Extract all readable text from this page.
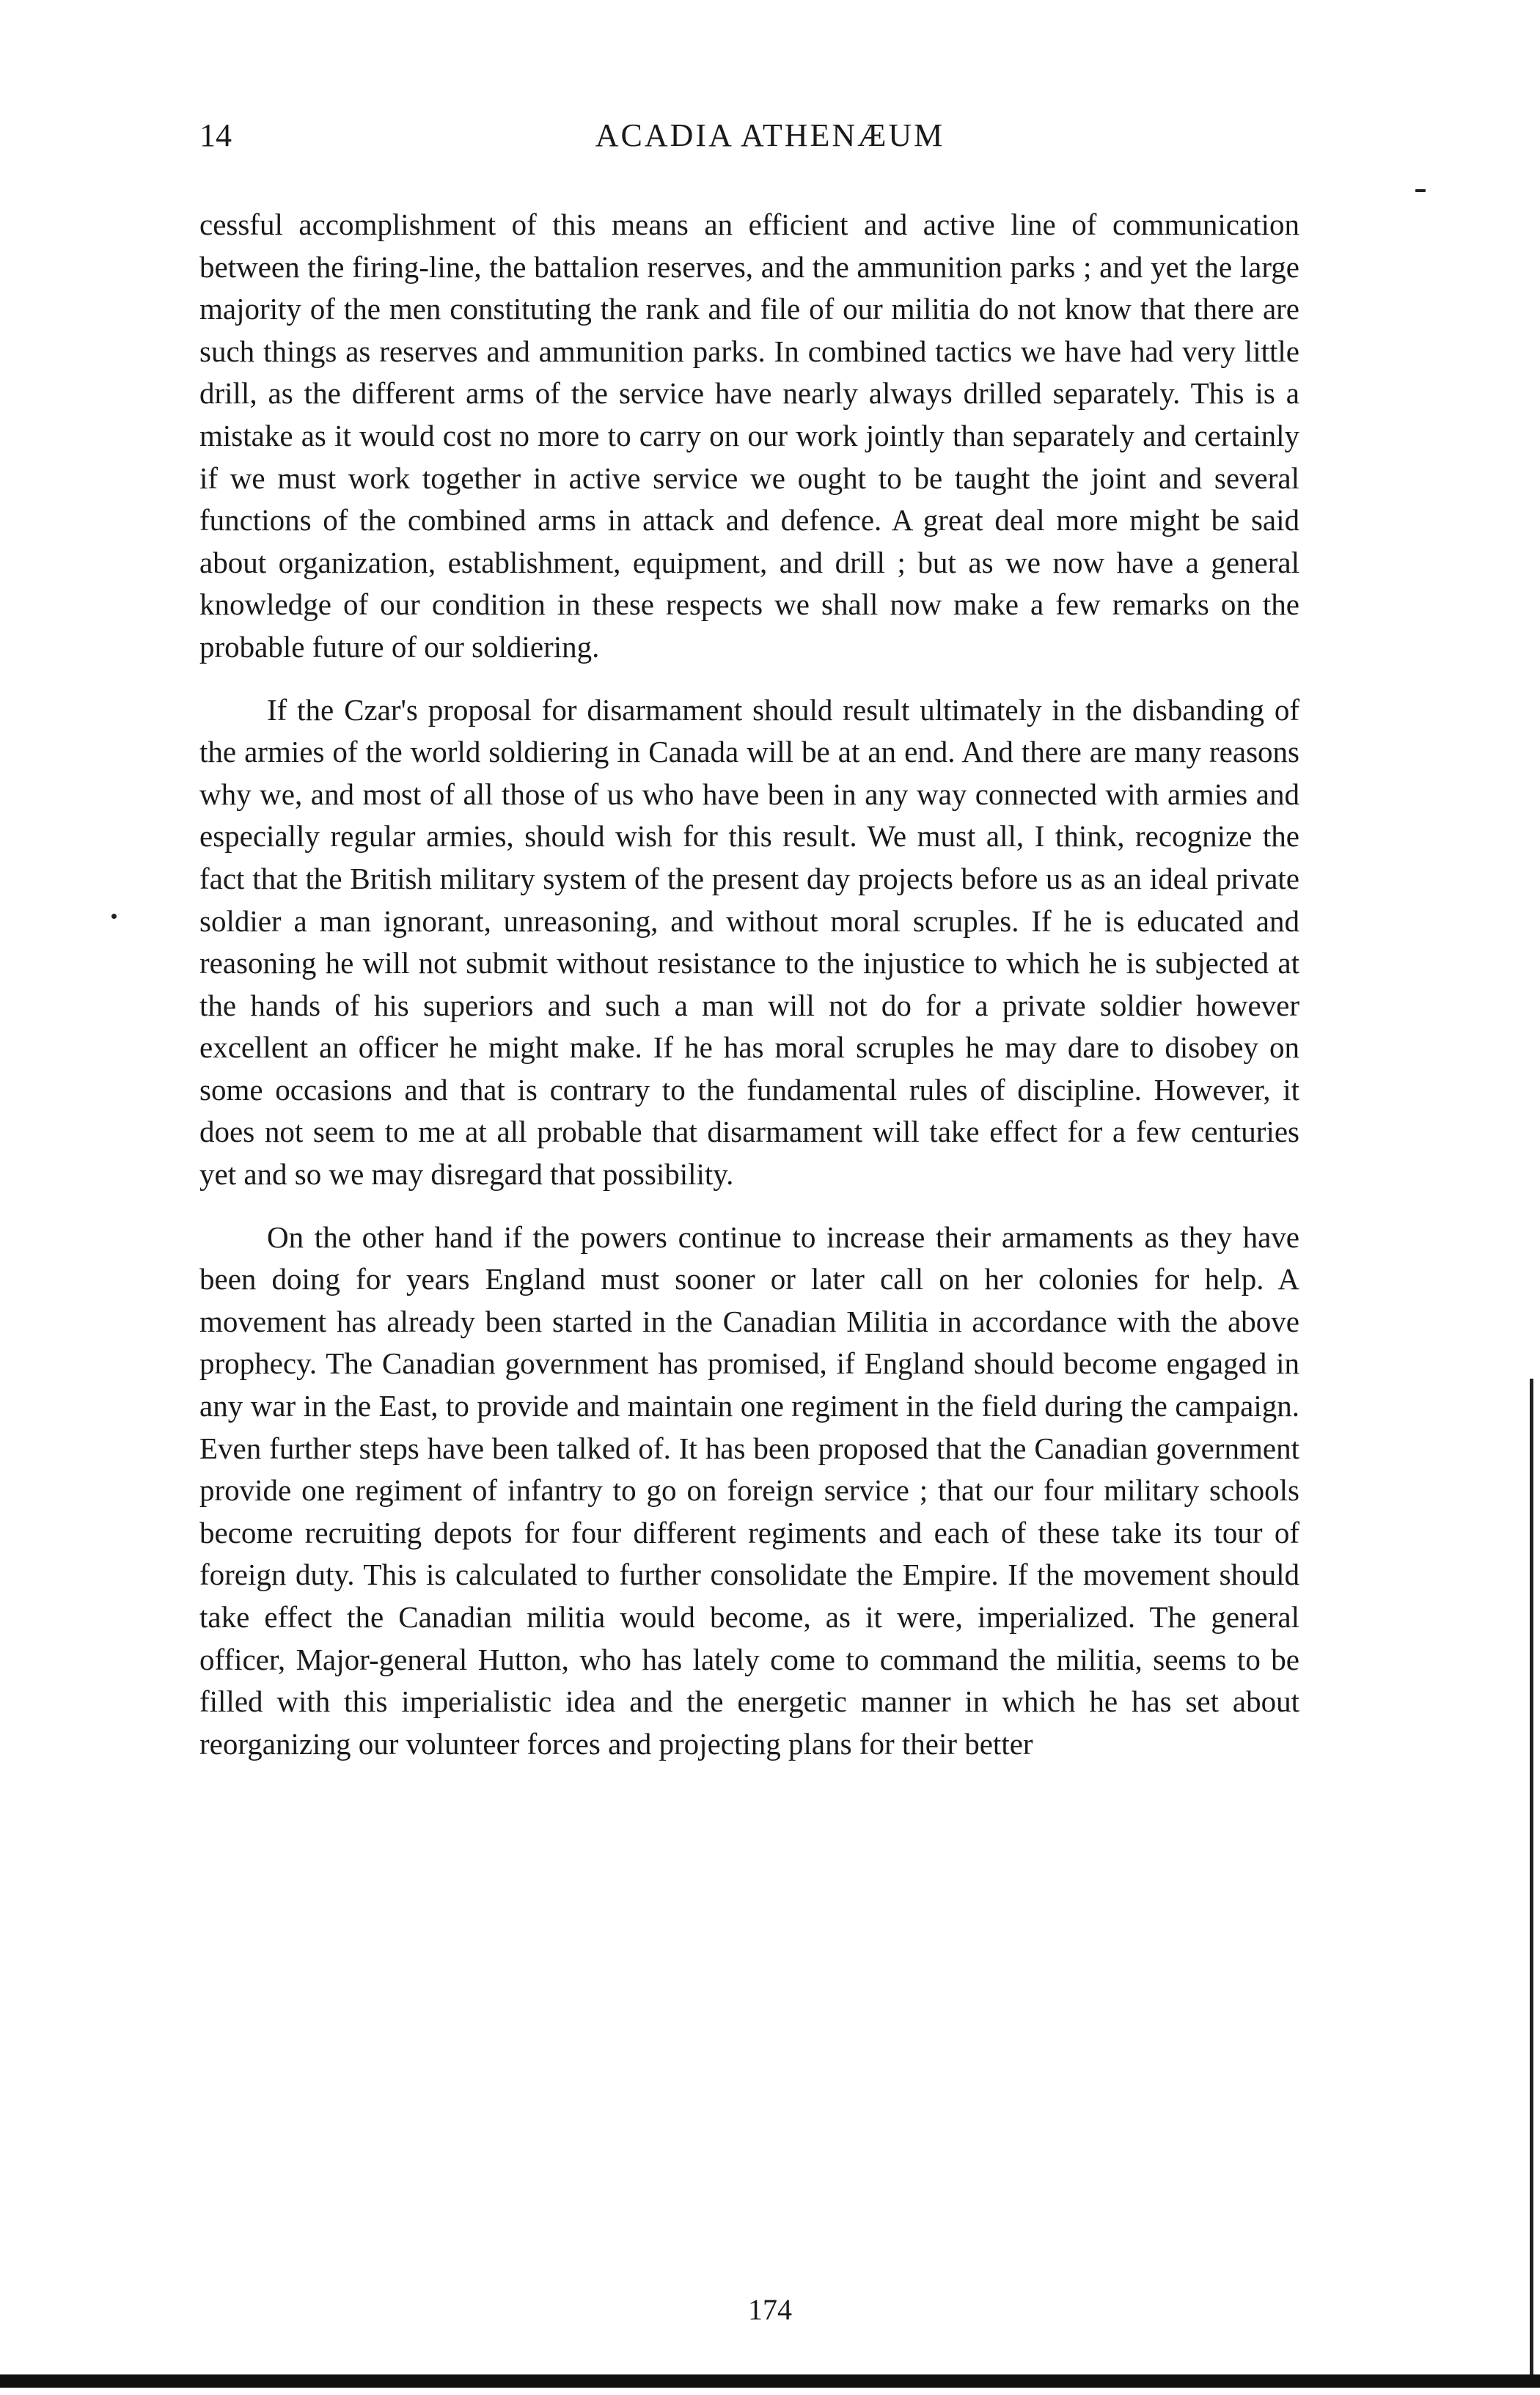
14	ACADIA ATHENÆUM

cessful accomplishment of this means an efficient and active line of communication between the firing-line, the battalion reserves, and the ammunition parks ; and yet the large majority of the men constituting the rank and file of our militia do not know that there are such things as reserves and ammunition parks. In combined tactics we have had very little drill, as the different arms of the service have nearly always drilled separately. This is a mistake as it would cost no more to carry on our work jointly than separately and certainly if we must work together in active service we ought to be taught the joint and several functions of the combined arms in attack and defence. A great deal more might be said about organization, establishment, equipment, and drill ; but as we now have a general knowledge of our condition in these respects we shall now make a few remarks on the probable future of our soldiering.

If the Czar's proposal for disarmament should result ultimately in the disbanding of the armies of the world soldiering in Canada will be at an end. And there are many reasons why we, and most of all those of us who have been in any way connected with armies and especially regular armies, should wish for this result. We must all, I think, recognize the fact that the British military system of the present day projects before us as an ideal private soldier a man ignorant, unreasoning, and without moral scruples. If he is educated and reasoning he will not submit without resistance to the injustice to which he is subjected at the hands of his superiors and such a man will not do for a private soldier however excellent an officer he might make. If he has moral scruples he may dare to disobey on some occasions and that is contrary to the fundamental rules of discipline. However, it does not seem to me at all probable that disarmament will take effect for a few centuries yet and so we may disregard that possibility.

On the other hand if the powers continue to increase their armaments as they have been doing for years England must sooner or later call on her colonies for help. A movement has already been started in the Canadian Militia in accordance with the above prophecy. The Canadian government has promised, if England should become engaged in any war in the East, to provide and maintain one regiment in the field during the campaign. Even further steps have been talked of. It has been proposed that the Canadian government provide one regiment of infantry to go on foreign service ; that our four military schools become recruiting depots for four different regiments and each of these take its tour of foreign duty. This is calculated to further consolidate the Empire. If the movement should take effect the Canadian militia would become, as it were, imperialized. The general officer, Major-general Hutton, who has lately come to command the militia, seems to be filled with this imperialistic idea and the energetic manner in which he has set about reorganizing our volunteer forces and projecting plans for their better

174
